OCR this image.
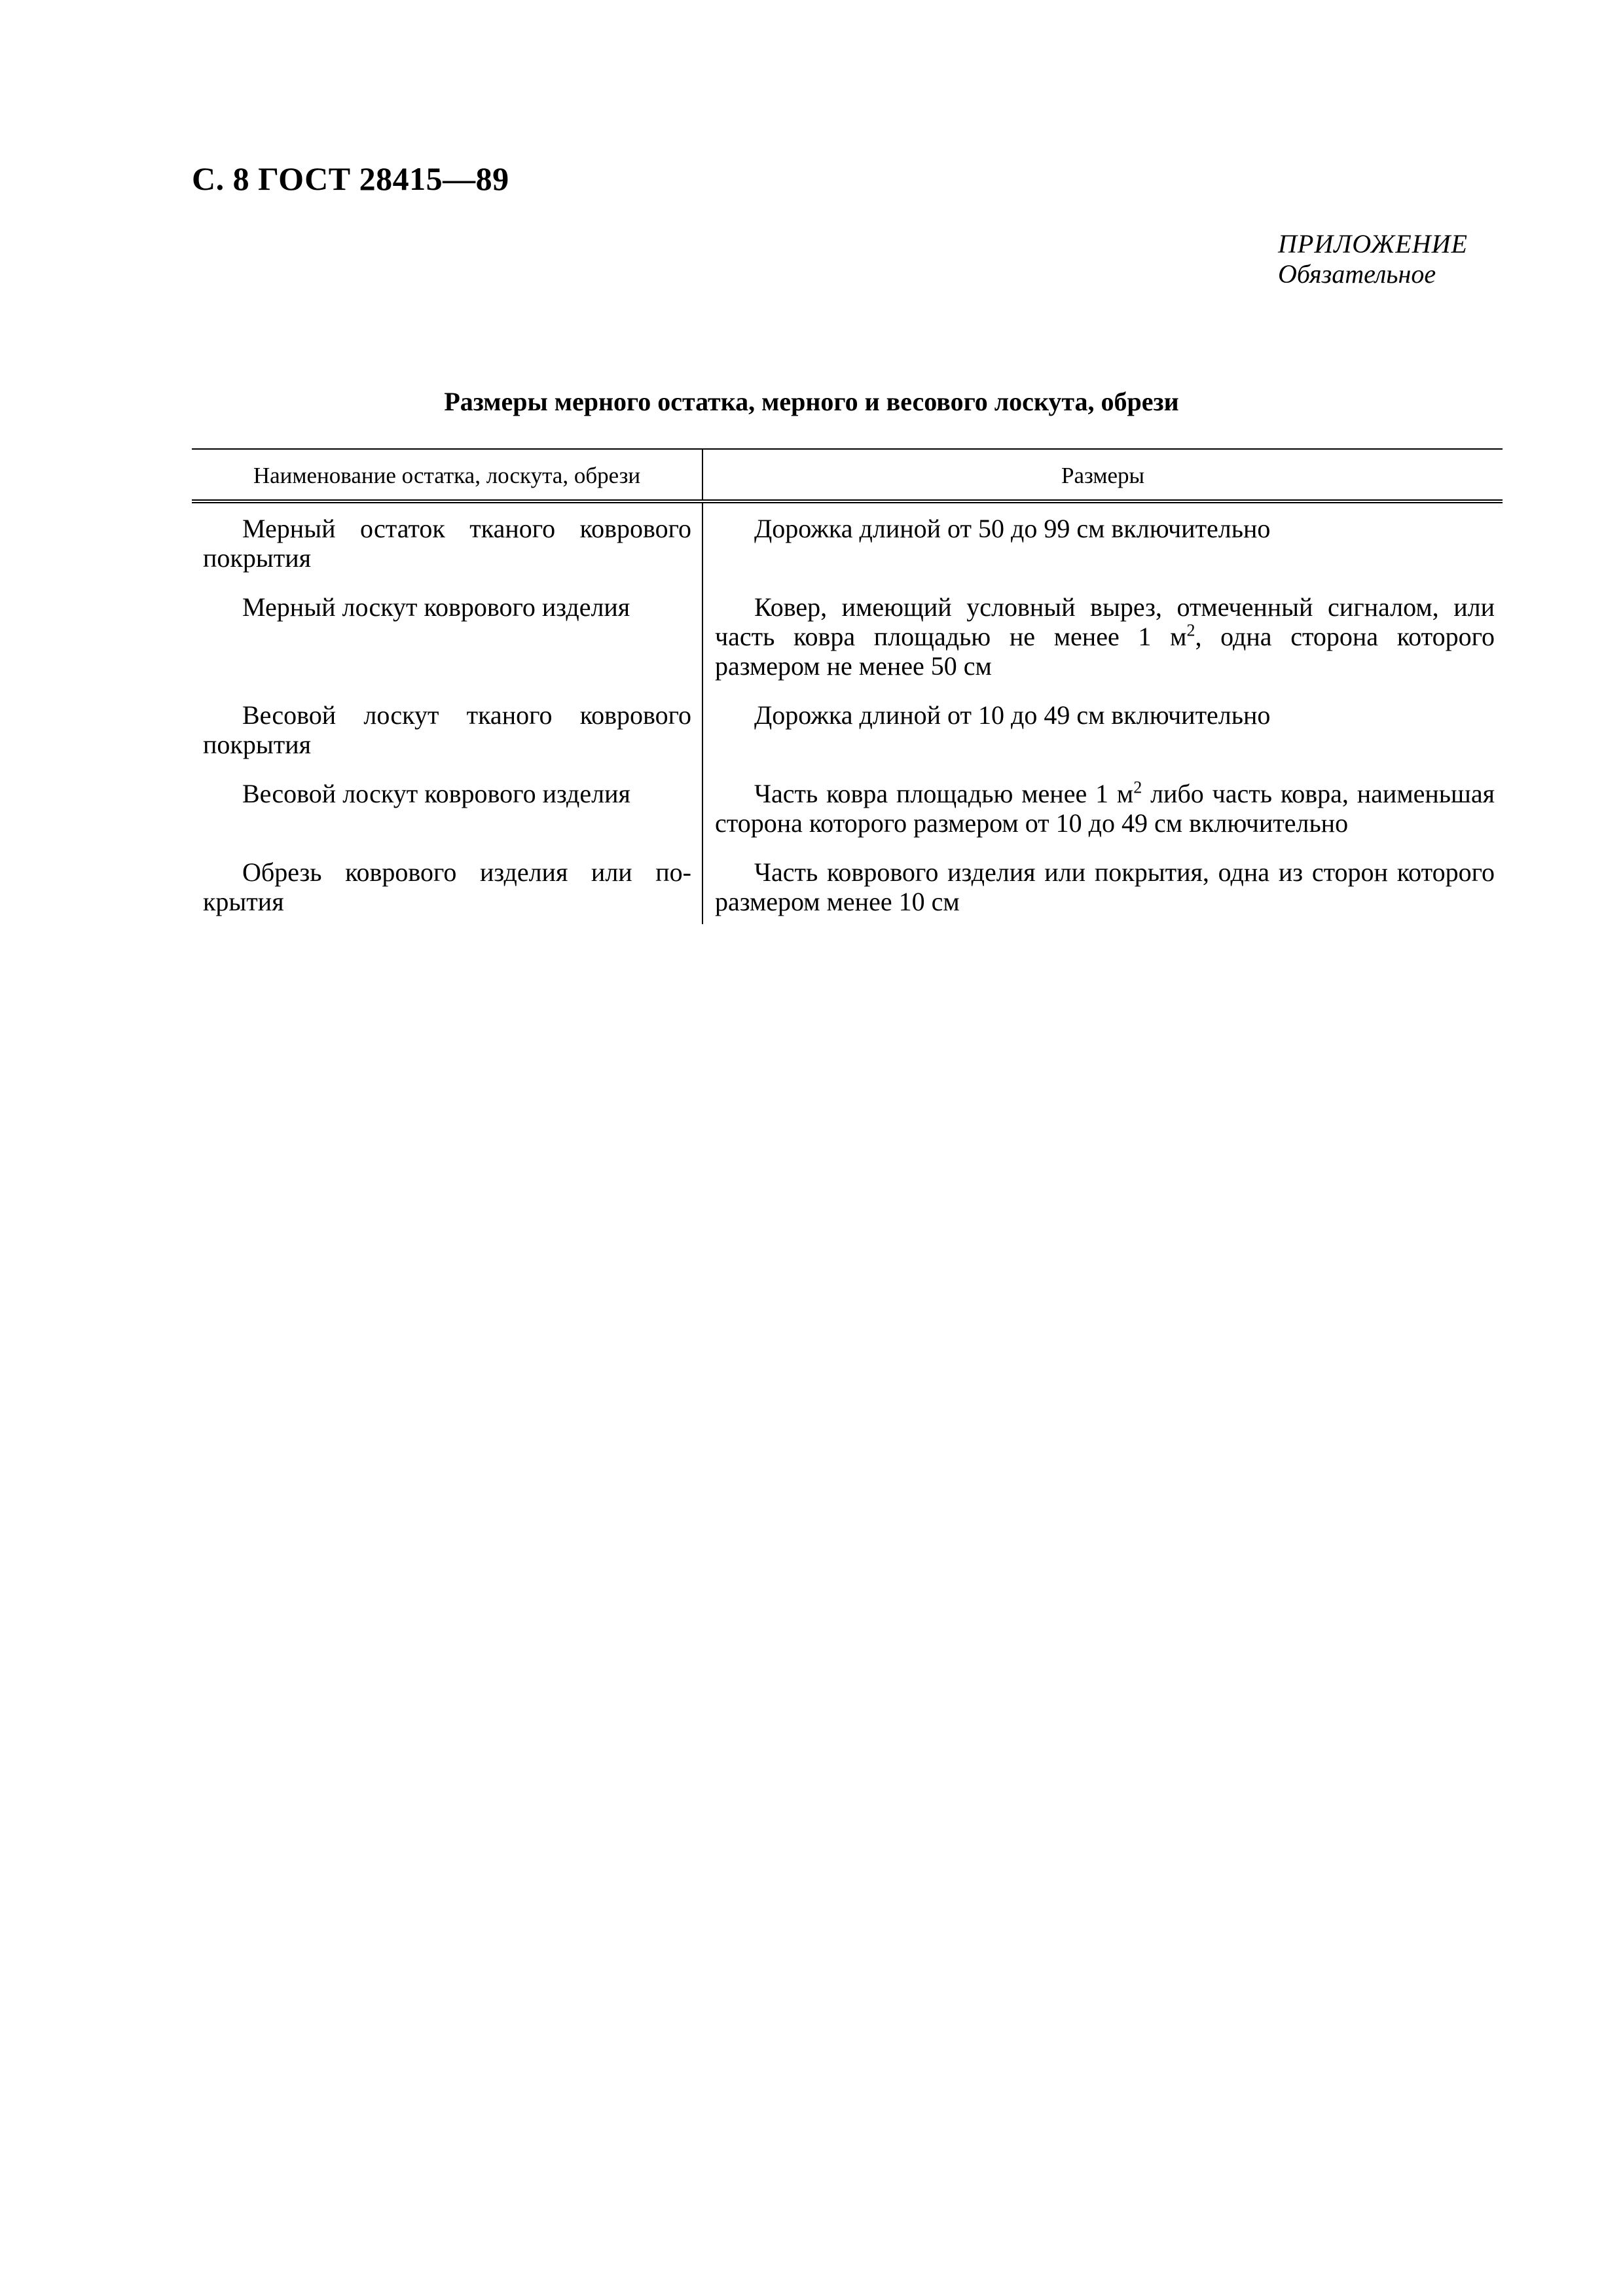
С. 8 ГОСТ 28415—89
ПРИЛОЖЕНИЕ
Обязательное
Размеры мерного остатка, мерного и весового лоскута, обрези
Наименование остатка, лоскута, обрези	Размеры
Мерный остаток тканого коврового покрытия	Дорожка длиной от 50 до 99 см включительно
Мерный лоскут коврового изделия	Ковер, имеющий условный вырез, отмеченный сигналом, или часть ковра площадью не менее 1 $м^2$, одна сторона которого размером не менее 50 см
Весовой лоскут тканого коврового покрытия	Дорожка длиной от 10 до 49 см включительно
Весовой лоскут коврового изделия	Часть ковра площадью менее 1 $м^2$ либо часть ковра, наименьшая сторона которого размером от 10 до 49 см включительно
Обрезь коврового изделия или покрытия	Часть коврового изделия или покрытия, одна из сторон которого размером менее 10 см
